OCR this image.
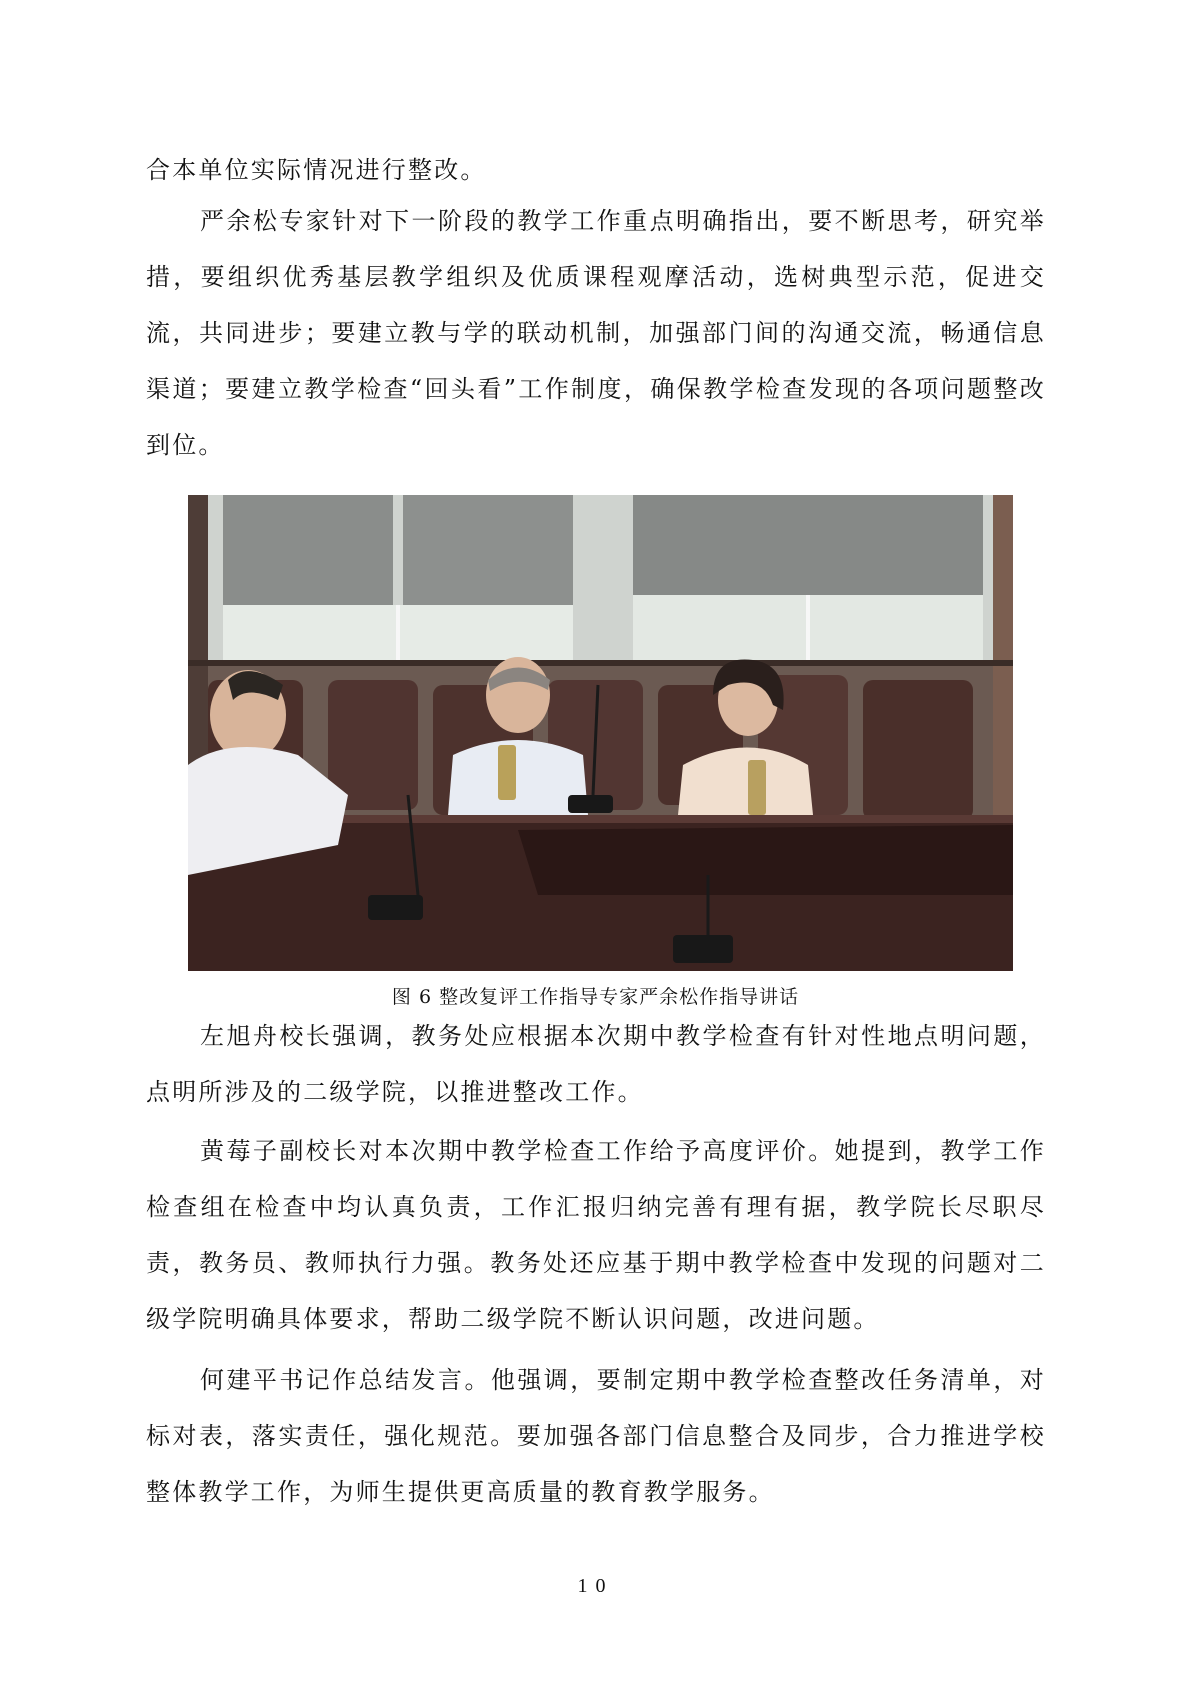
合本单位实际情况进行整改。

严余松专家针对下一阶段的教学工作重点明确指出，要不断思考，研究举措，要组织优秀基层教学组织及优质课程观摩活动，选树典型示范，促进交流，共同进步；要建立教与学的联动机制，加强部门间的沟通交流，畅通信息渠道；要建立教学检查“回头看”工作制度，确保教学检查发现的各项问题整改到位。

图 6 整改复评工作指导专家严余松作指导讲话

左旭舟校长强调，教务处应根据本次期中教学检查有针对性地点明问题，点明所涉及的二级学院，以推进整改工作。

黄莓子副校长对本次期中教学检查工作给予高度评价。她提到，教学工作检查组在检查中均认真负责，工作汇报归纳完善有理有据，教学院长尽职尽责，教务员、教师执行力强。教务处还应基于期中教学检查中发现的问题对二级学院明确具体要求，帮助二级学院不断认识问题，改进问题。

何建平书记作总结发言。他强调，要制定期中教学检查整改任务清单，对标对表，落实责任，强化规范。要加强各部门信息整合及同步，合力推进学校整体教学工作，为师生提供更高质量的教育教学服务。

10
